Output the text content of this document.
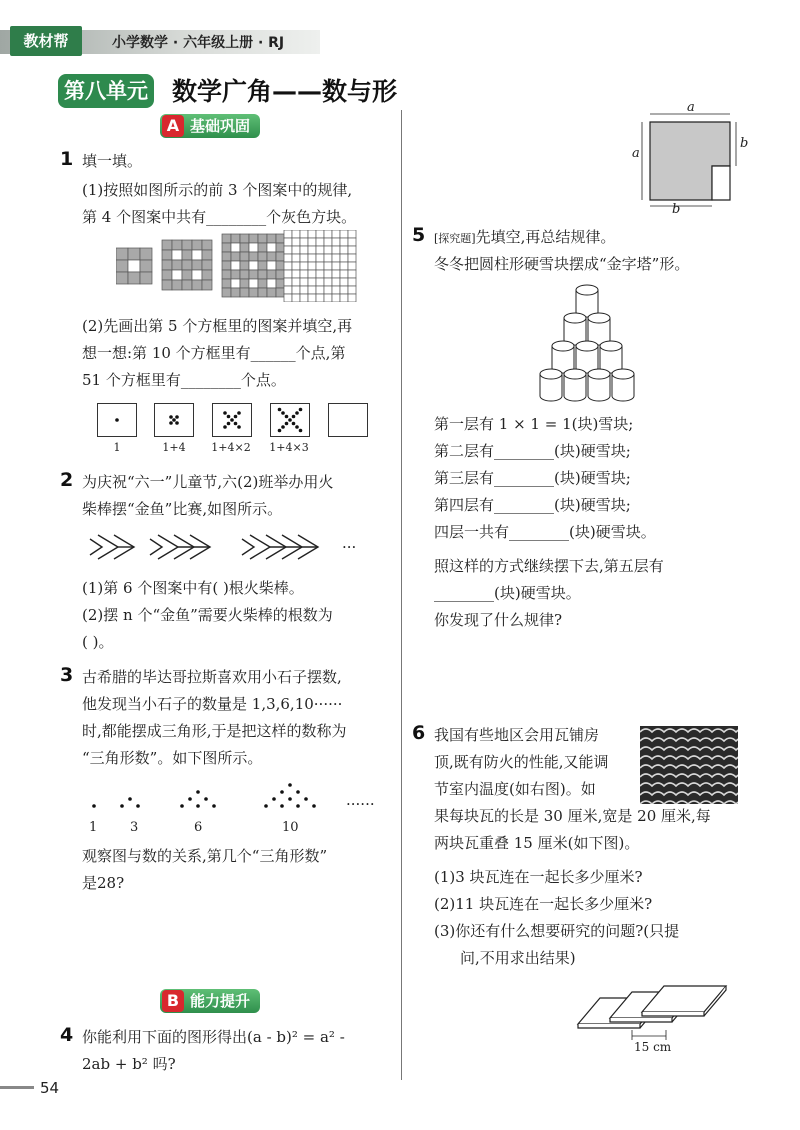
教材帮	小学数学 · 六年级上册 · RJ
第八单元 数学广角——数与形
A 基础巩固
1 填一填。
(1)按照如图所示的前 3 个图案中的规律,
第 4 个图案中共有________个灰色方块。
(2)先画出第 5 个方框里的图案并填空,再
想一想:第 10 个方框里有______个点,第
51 个方框里有________个点。
1	1+4	1+4×2	1+4×3
2 为庆祝“六一”儿童节,六(2)班举办用火
柴棒摆“金鱼”比赛,如图所示。
···
(1)第 6 个图案中有( )根火柴棒。
(2)摆 n 个“金鱼”需要火柴棒的根数为
( )。
3 古希腊的毕达哥拉斯喜欢用小石子摆数,
他发现当小石子的数量是 1,3,6,10······
时,都能摆成三角形,于是把这样的数称为
“三角形数”。如下图所示。
······
1	3	6	10
观察图与数的关系,第几个“三角形数”
是28?
B 能力提升
4 你能利用下面的图形得出(a - b)² = a² -
2ab + b² 吗?
54
a
a
b
b
5 [探究题]先填空,再总结规律。
冬冬把圆柱形硬雪块摆成“金字塔”形。
第一层有 1 × 1 = 1(块)雪块;
第二层有________(块)硬雪块;
第三层有________(块)硬雪块;
第四层有________(块)硬雪块;
四层一共有________(块)硬雪块。
照这样的方式继续摆下去,第五层有
________(块)硬雪块。
你发现了什么规律?
6 我国有些地区会用瓦铺房
顶,既有防火的性能,又能调
节室内温度(如右图)。如
果每块瓦的长是 30 厘米,宽是 20 厘米,每
两块瓦重叠 15 厘米(如下图)。
(1)3 块瓦连在一起长多少厘米?
(2)11 块瓦连在一起长多少厘米?
(3)你还有什么想要研究的问题?(只提
问,不用求出结果)
15 cm
